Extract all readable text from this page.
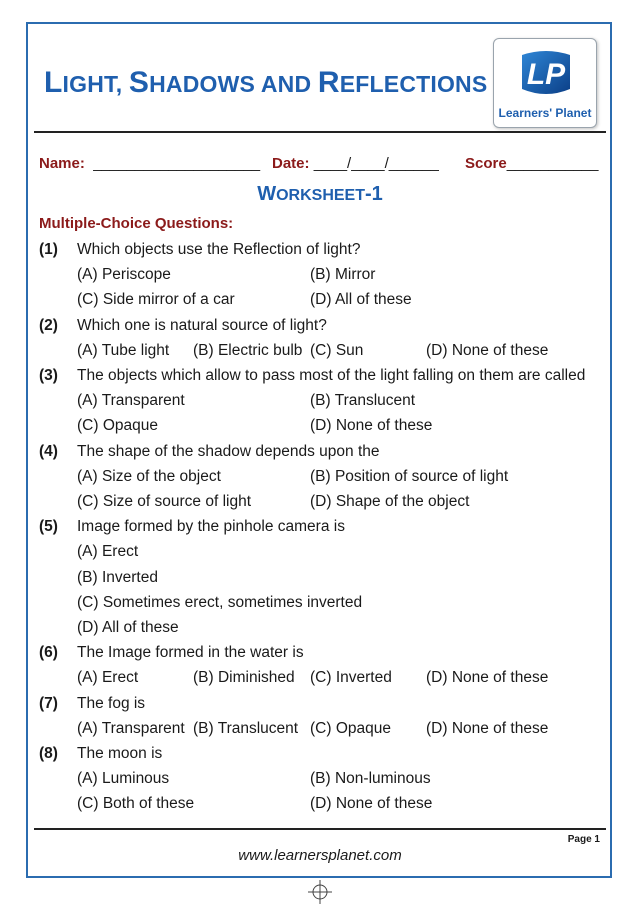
LIGHT, SHADOWS AND REFLECTIONS LP
Learners' Planet
Name: ____________________ Date: ____/____/______ Score___________
WORKSHEET-1
Multiple-Choice Questions:
(1) Which objects use the Reflection of light?
(A) Periscope	(B) Mirror
(C) Side mirror of a car	(D) All of these
(2) Which one is natural source of light?
(A) Tube light (B) Electric bulb (C) Sun	(D) None of these
(3) The objects which allow to pass most of the light falling on them are called
(A) Transparent	(B) Translucent
(C) Opaque	(D) None of these
(4) The shape of the shadow depends upon the
(A) Size of the object	(B) Position of source of light
(C) Size of source of light	(D) Shape of the object
(5) Image formed by the pinhole camera is
(A) Erect
(B) Inverted
(C) Sometimes erect, sometimes inverted
(D) All of these
(6) The Image formed in the water is
(A) Erect	(B) Diminished (C) Inverted (D) None of these
(7) The fog is
(A) Transparent (B) Translucent (C) Opaque (D) None of these
(8) The moon is
(A) Luminous	(B) Non-luminous
(C) Both of these	(D) None of these
Page 1
www.learnersplanet.com
